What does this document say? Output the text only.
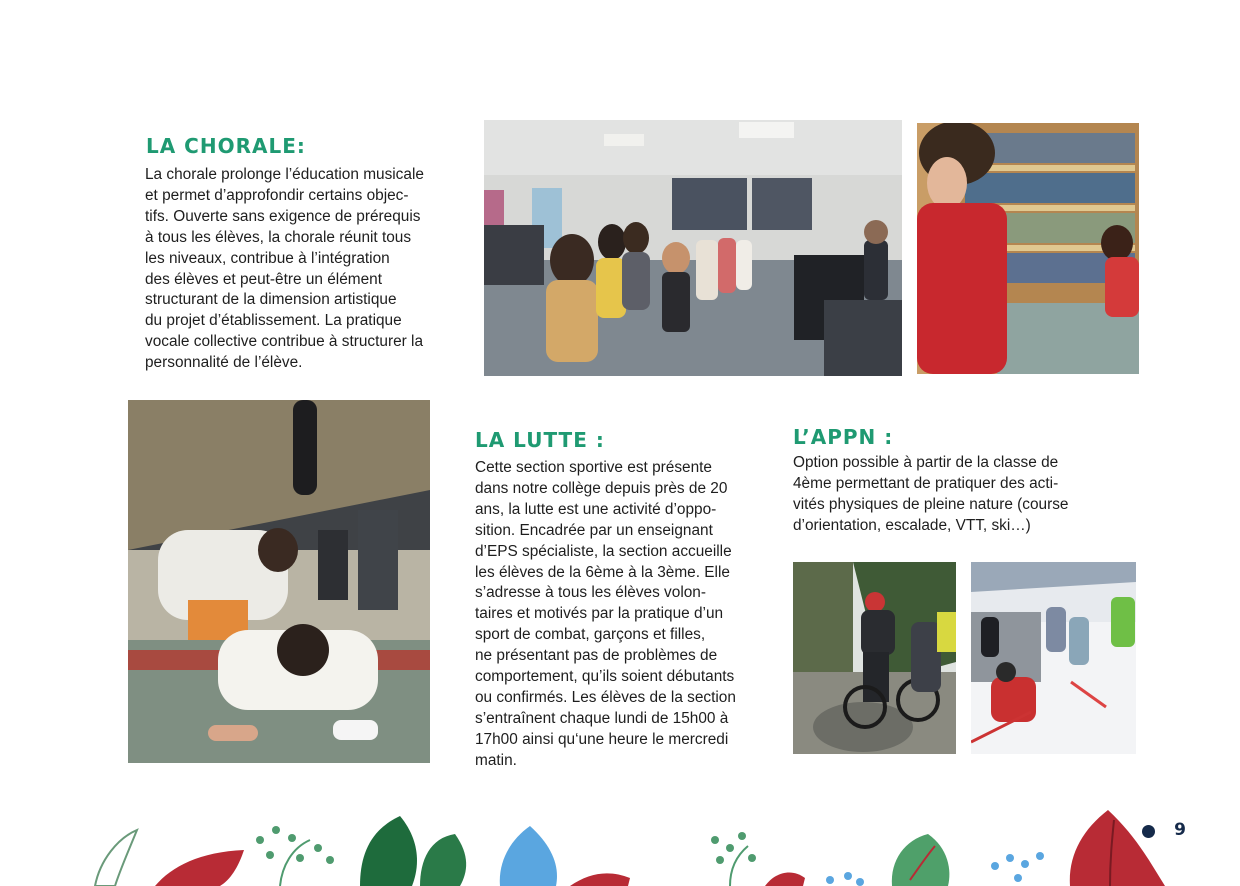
LA CHORALE:
La chorale prolonge l’éducation musicale
et permet d’approfondir certains objec-
tifs. Ouverte sans exigence de prérequis
à tous les élèves, la chorale réunit tous
les niveaux, contribue à l’intégration
des élèves et peut-être un élément
structurant de la dimension artistique
du projet d’établissement. La pratique
vocale collective contribue à structurer la
personnalité de l’élève.
LA LUTTE :
Cette section sportive est présente
dans notre collège depuis près de 20
ans, la lutte est une activité d’oppo-
sition. Encadrée par un enseignant
d’EPS spécialiste, la section accueille
les élèves de la 6ème à la 3ème. Elle
s’adresse à tous les élèves volon-
taires et motivés par la pratique d’un
sport de combat, garçons et filles,
ne présentant pas de problèmes de
comportement, qu’ils soient débutants
ou confirmés. Les élèves de la section
s’entraînent chaque lundi de 15h00 à
17h00 ainsi qu‘une heure le mercredi
matin.
L’APPN :
Option possible à partir de la classe de
4ème permettant de pratiquer des acti-
vités physiques de pleine nature (course
d’orientation, escalade, VTT, ski…)
9
